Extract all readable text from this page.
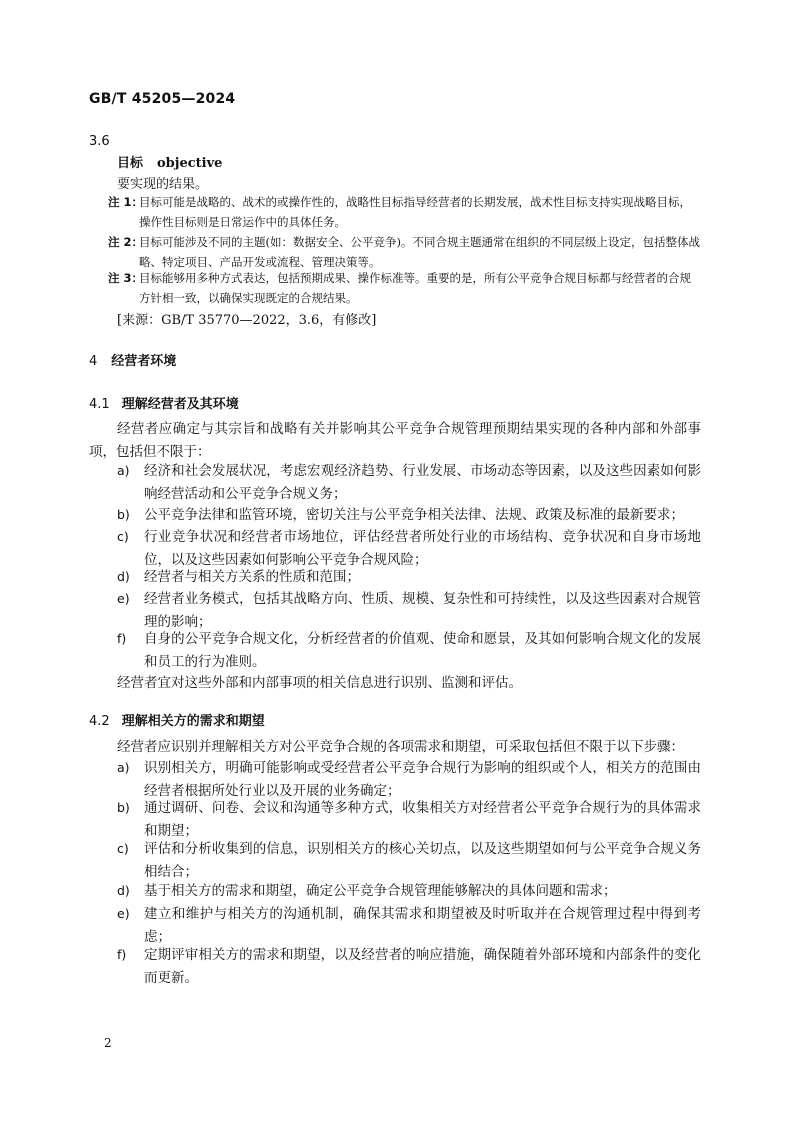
GB/T 45205—2024
3.6
目标 objective
要实现的结果。
注 1：
目标可能是战略的、战术的或操作性的，战略性目标指导经营者的长期发展，战术性目标支持实现战略目标，操作性目标则是日常运作中的具体任务。
注 2：
目标可能涉及不同的主题(如：数据安全、公平竞争)。不同合规主题通常在组织的不同层级上设定，包括整体战略、特定项目、产品开发或流程、管理决策等。
注 3：
目标能够用多种方式表达，包括预期成果、操作标准等。重要的是，所有公平竞争合规目标都与经营者的合规方针相一致，以确保实现既定的合规结果。
[来源：GB/T 35770—2022，3.6，有修改]
4 经营者环境
4.1 理解经营者及其环境
经营者应确定与其宗旨和战略有关并影响其公平竞争合规管理预期结果实现的各种内部和外部事项，包括但不限于：
a) 经济和社会发展状况，考虑宏观经济趋势、行业发展、市场动态等因素，以及这些因素如何影响经营活动和公平竞争合规义务；
b) 公平竞争法律和监管环境，密切关注与公平竞争相关法律、法规、政策及标准的最新要求；
c) 行业竞争状况和经营者市场地位，评估经营者所处行业的市场结构、竞争状况和自身市场地位，以及这些因素如何影响公平竞争合规风险；
d) 经营者与相关方关系的性质和范围；
e) 经营者业务模式，包括其战略方向、性质、规模、复杂性和可持续性，以及这些因素对合规管理的影响；
f) 自身的公平竞争合规文化，分析经营者的价值观、使命和愿景，及其如何影响合规文化的发展和员工的行为准则。
经营者宜对这些外部和内部事项的相关信息进行识别、监测和评估。
4.2 理解相关方的需求和期望
经营者应识别并理解相关方对公平竞争合规的各项需求和期望，可采取包括但不限于以下步骤：
a) 识别相关方，明确可能影响或受经营者公平竞争合规行为影响的组织或个人，相关方的范围由经营者根据所处行业以及开展的业务确定；
b) 通过调研、问卷、会议和沟通等多种方式，收集相关方对经营者公平竞争合规行为的具体需求和期望；
c) 评估和分析收集到的信息，识别相关方的核心关切点，以及这些期望如何与公平竞争合规义务相结合；
d) 基于相关方的需求和期望，确定公平竞争合规管理能够解决的具体问题和需求；
e) 建立和维护与相关方的沟通机制，确保其需求和期望被及时听取并在合规管理过程中得到考虑；
f) 定期评审相关方的需求和期望，以及经营者的响应措施，确保随着外部环境和内部条件的变化而更新。
2
